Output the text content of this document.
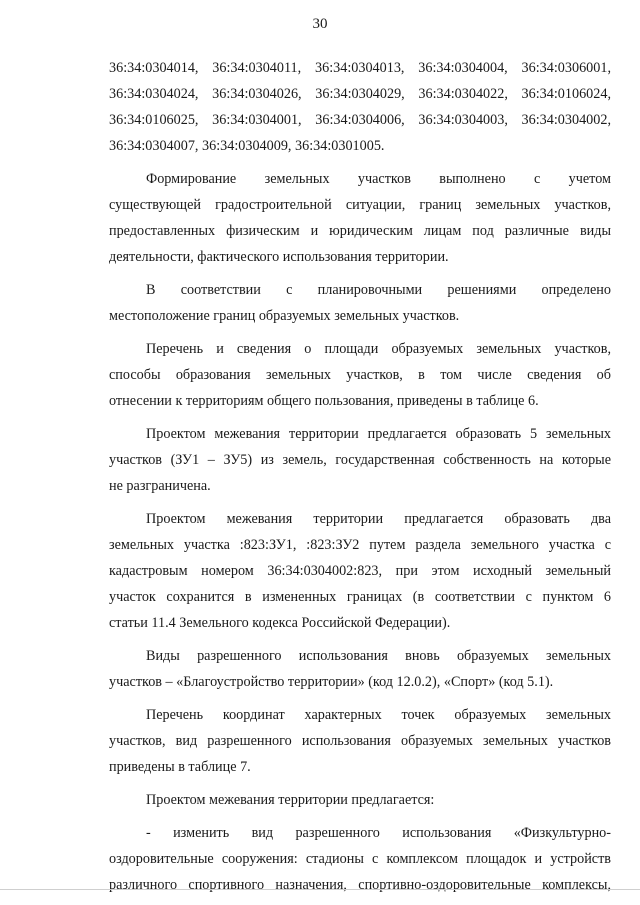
30
36:34:0304014, 36:34:0304011, 36:34:0304013, 36:34:0304004, 36:34:0306001,
36:34:0304024, 36:34:0304026, 36:34:0304029, 36:34:0304022, 36:34:0106024,
36:34:0106025, 36:34:0304001, 36:34:0304006, 36:34:0304003, 36:34:0304002,
36:34:0304007, 36:34:0304009, 36:34:0301005.
Формирование земельных участков выполнено с учетом
существующей градостроительной ситуации, границ земельных участков,
предоставленных физическим и юридическим лицам под различные виды
деятельности, фактического использования территории.
В соответствии с планировочными решениями определено
местоположение границ образуемых земельных участков.
Перечень и сведения о площади образуемых земельных участков,
способы образования земельных участков, в том числе сведения об
отнесении к территориям общего пользования, приведены в таблице 6.
Проектом межевания территории предлагается образовать 5 земельных
участков (ЗУ1 – ЗУ5) из земель, государственная собственность на которые
не разграничена.
Проектом межевания территории предлагается образовать два
земельных участка :823:ЗУ1, :823:ЗУ2 путем раздела земельного участка с
кадастровым номером 36:34:0304002:823, при этом исходный земельный
участок сохранится в измененных границах (в соответствии с пунктом 6
статьи 11.4 Земельного кодекса Российской Федерации).
Виды разрешенного использования вновь образуемых земельных
участков – «Благоустройство территории» (код 12.0.2), «Спорт» (код 5.1).
Перечень координат характерных точек образуемых земельных
участков, вид разрешенного использования образуемых земельных участков
приведены в таблице 7.
Проектом межевания территории предлагается:
- изменить вид разрешенного использования «Физкультурно-
оздоровительные сооружения: стадионы с комплексом площадок и устройств
различного спортивного назначения, спортивно-оздоровительные комплексы,
